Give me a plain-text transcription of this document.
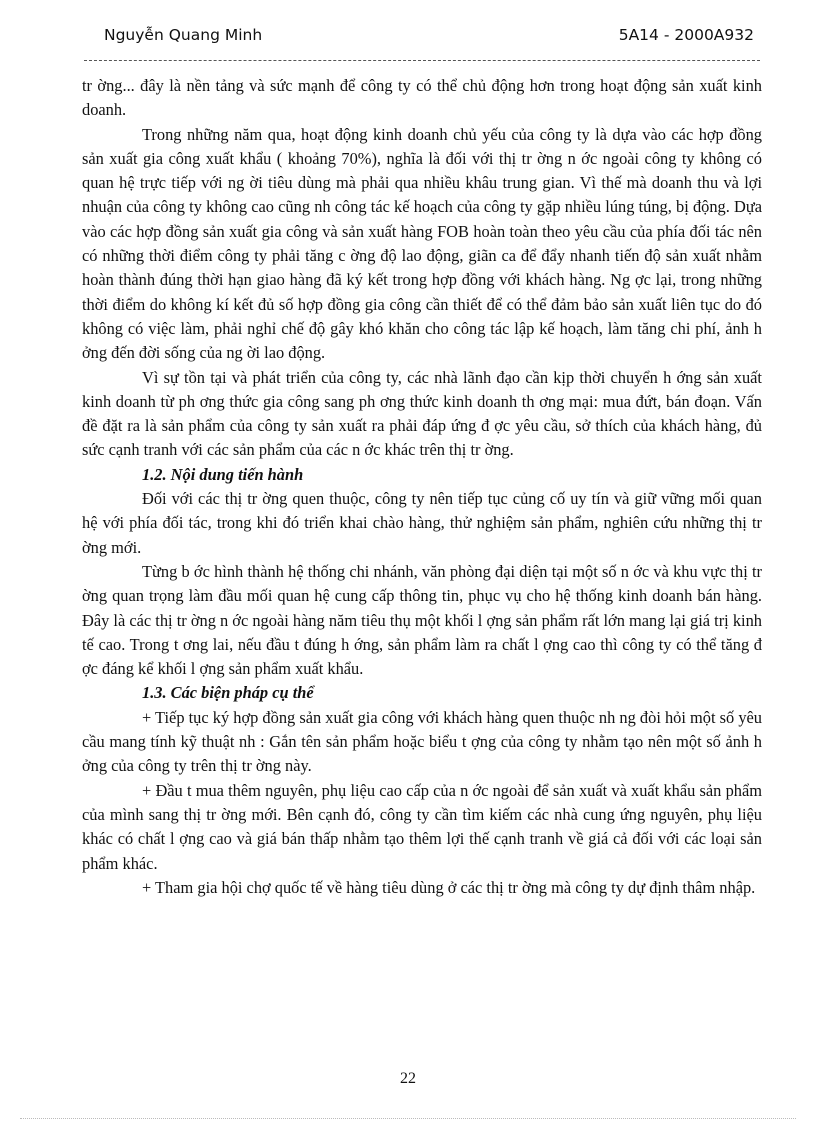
Nguyễn Quang Minh	5A14 - 2000A932

tr ờng... đây là nền tảng và sức mạnh để công ty có thể chủ động hơn trong hoạt động sản xuất kinh doanh.

Trong những năm qua, hoạt động kinh doanh chủ yếu của công ty là dựa vào các hợp đồng sản xuất gia công xuất khẩu ( khoảng 70%), nghĩa là đối với thị tr ờng n ớc ngoài công ty không có quan hệ trực tiếp với ng ời tiêu dùng mà phải qua nhiều khâu trung gian. Vì thế mà doanh thu và lợi nhuận của công ty không cao cũng nh công tác kế hoạch của công ty gặp nhiều lúng túng, bị động. Dựa vào các hợp đồng sản xuất gia công và sản xuất hàng FOB hoàn toàn theo yêu cầu của phía đối tác nên có những thời điểm công ty phải tăng c ờng độ lao động, giãn ca để đẩy nhanh tiến độ sản xuất nhằm hoàn thành đúng thời hạn giao hàng đã ký kết trong hợp đồng với khách hàng. Ng ợc lại, trong những thời điểm do không kí kết đủ số hợp đồng gia công cần thiết để có thể đảm bảo sản xuất liên tục do đó không có việc làm, phải nghỉ chế độ gây khó khăn cho công tác lập kế hoạch, làm tăng chi phí, ảnh h ởng đến đời sống của ng ời lao động.

Vì sự tồn tại và phát triển của công ty, các nhà lãnh đạo cần kịp thời chuyển h ớng sản xuất kinh doanh từ ph ơng thức gia công sang ph ơng thức kinh doanh th ơng mại: mua đứt, bán đoạn. Vấn đề đặt ra là sản phẩm của công ty sản xuất ra phải đáp ứng đ ợc yêu cầu, sở thích của khách hàng, đủ sức cạnh tranh với các sản phẩm của các n ớc khác trên thị tr ờng.

1.2. Nội dung tiến hành

Đối với các thị tr ờng quen thuộc, công ty nên tiếp tục củng cố uy tín và giữ vững mối quan hệ với phía đối tác, trong khi đó triển khai chào hàng, thử nghiệm sản phẩm, nghiên cứu những thị tr ờng mới.

Từng b ớc hình thành hệ thống chi nhánh, văn phòng đại diện tại một số n ớc và khu vực thị tr ờng quan trọng làm đầu mối quan hệ cung cấp thông tin, phục vụ cho hệ thống kinh doanh bán hàng. Đây là các thị tr ờng n ớc ngoài hàng năm tiêu thụ một khối l ợng sản phẩm rất lớn mang lại giá trị kinh tế cao. Trong t ơng lai, nếu đầu t đúng h ớng, sản phẩm làm ra chất l ợng cao thì công ty có thể tăng đ ợc đáng kể khối l ợng sản phẩm xuất khẩu.

1.3. Các biện pháp cụ thể

+ Tiếp tục ký hợp đồng sản xuất gia công với khách hàng quen thuộc nh ng đòi hỏi một số yêu cầu mang tính kỹ thuật nh : Gắn tên sản phẩm hoặc biểu t ợng của công ty nhằm tạo nên một số ảnh h ởng của công ty trên thị tr ờng này.

+ Đầu t mua thêm nguyên, phụ liệu cao cấp của n ớc ngoài để sản xuất và xuất khẩu sản phẩm của mình sang thị tr ờng mới. Bên cạnh đó, công ty cần tìm kiếm các nhà cung ứng nguyên, phụ liệu khác có chất l ợng cao và giá bán thấp nhằm tạo thêm lợi thế cạnh tranh về giá cả đối với các loại sản phẩm khác.

+ Tham gia hội chợ quốc tế về hàng tiêu dùng ở các thị tr ờng mà công ty dự định thâm nhập.

22
